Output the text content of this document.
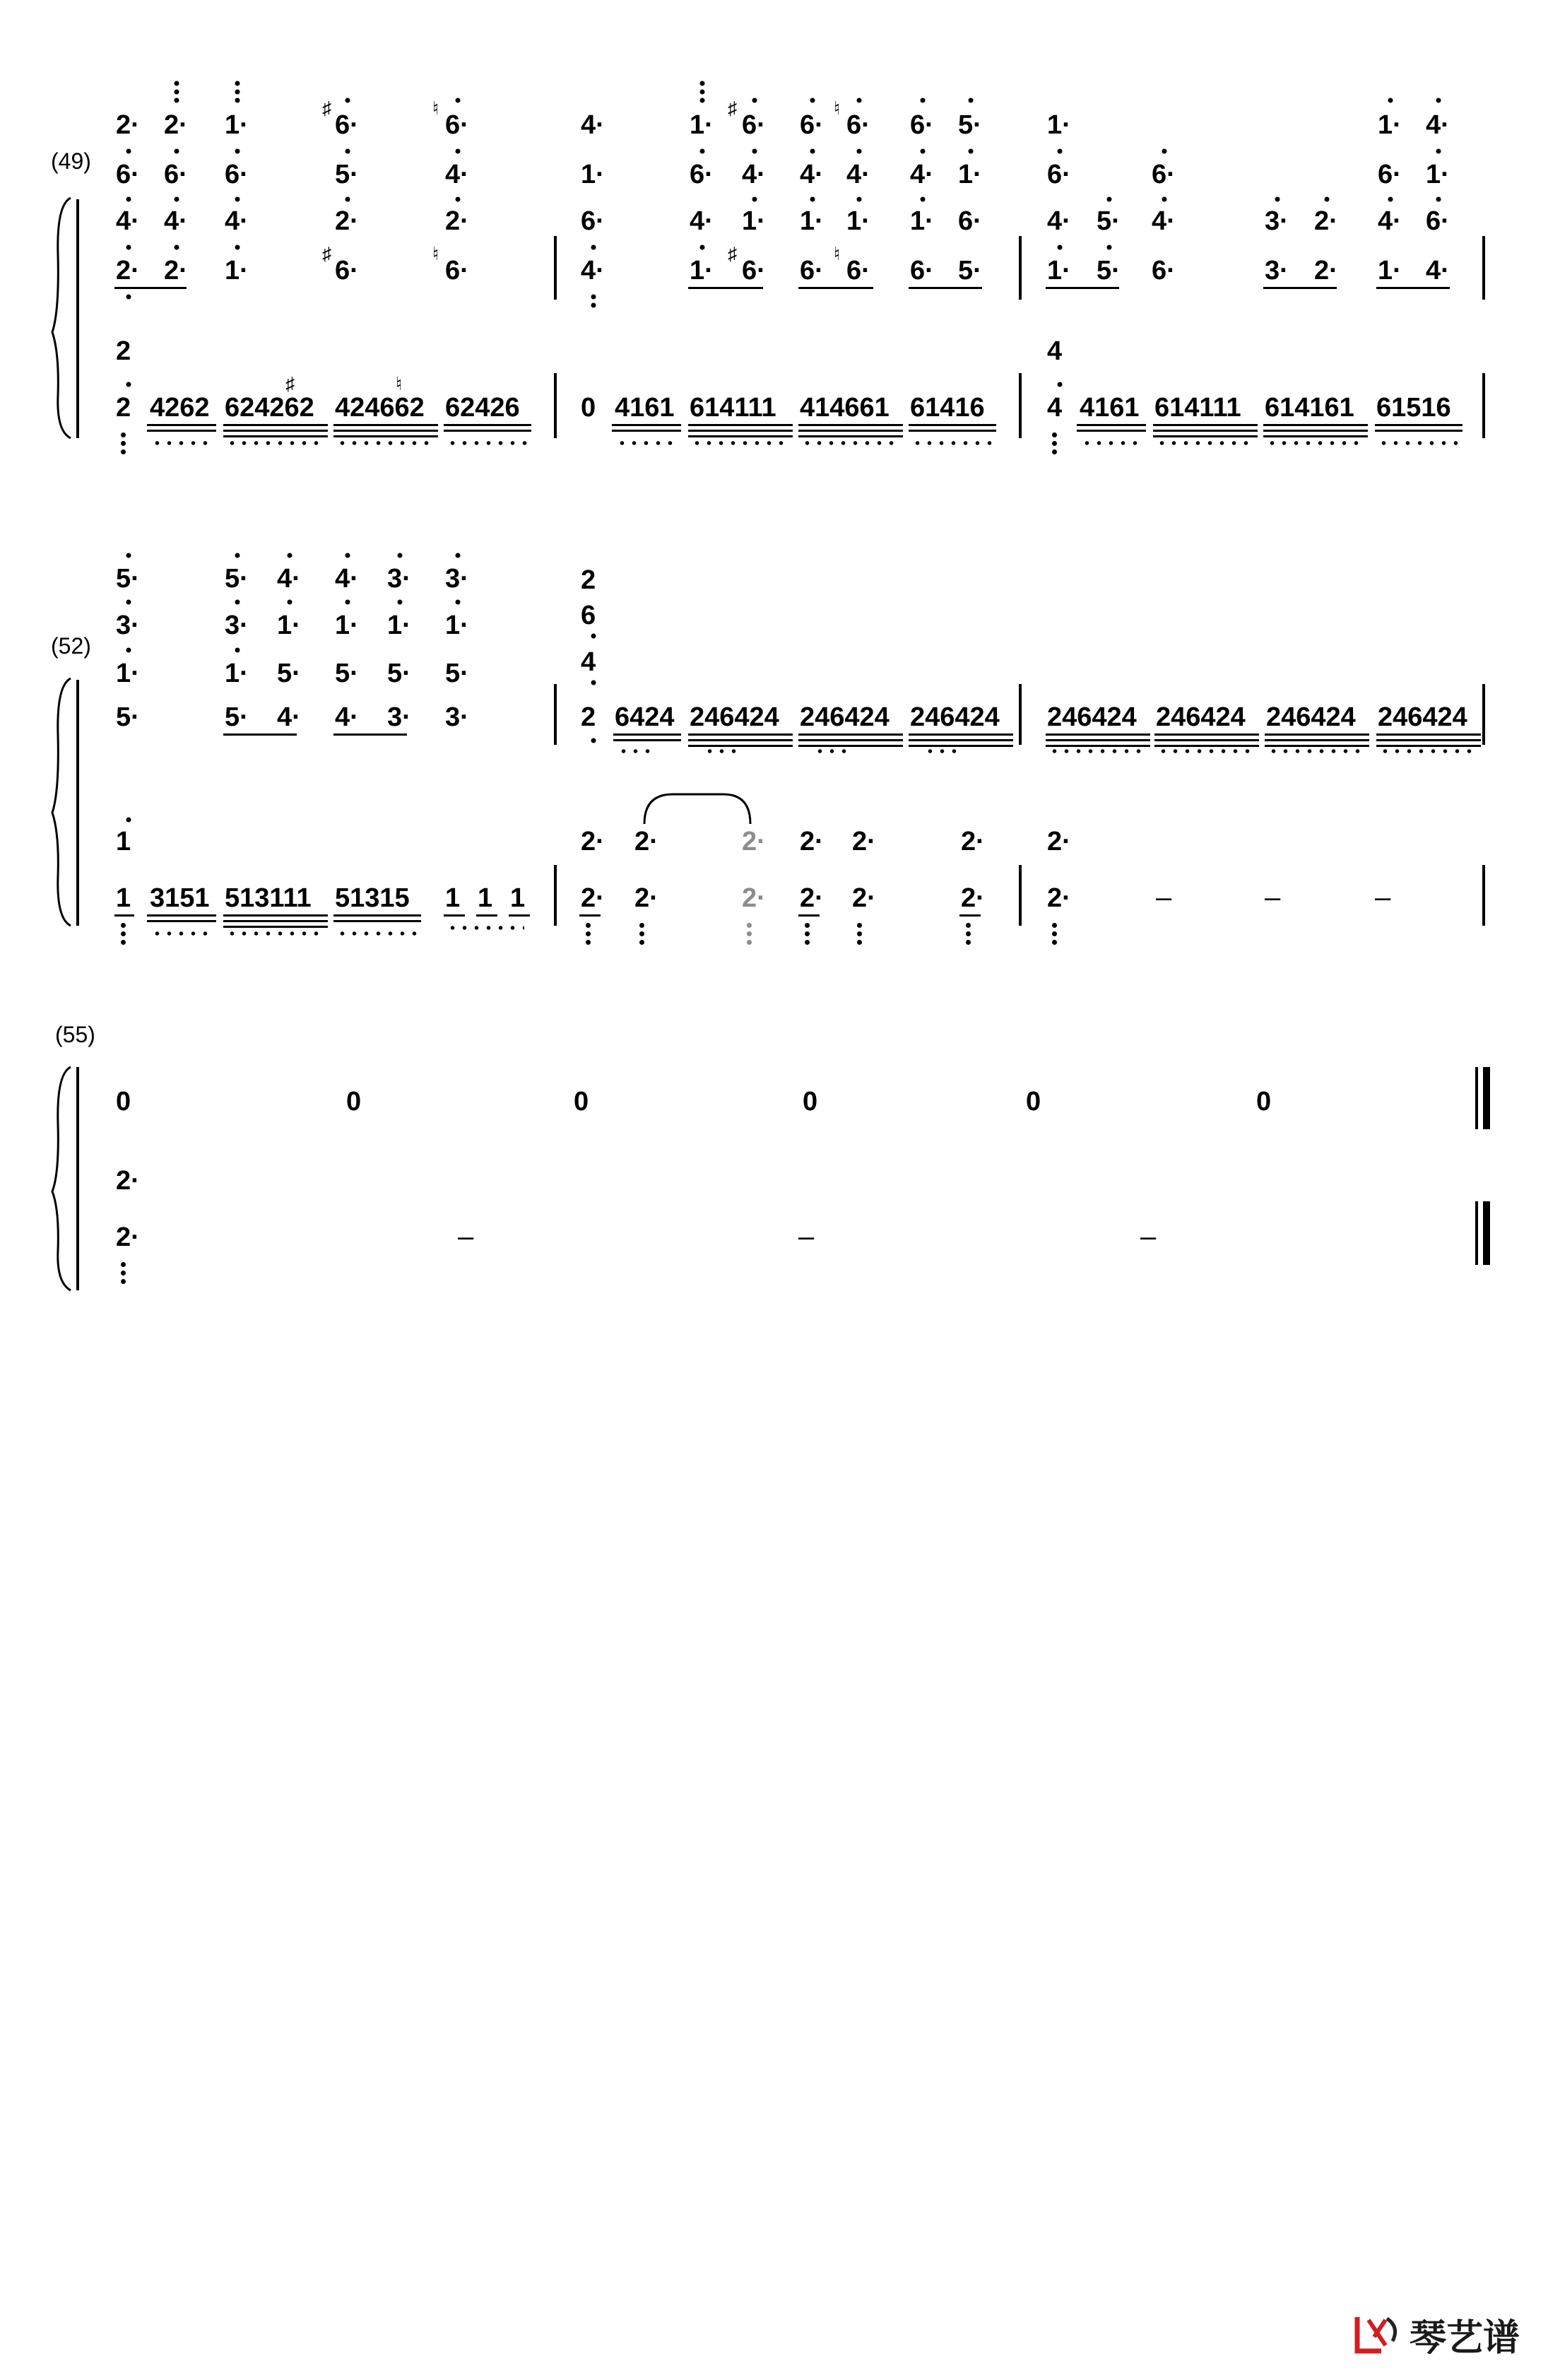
(49)
2· 2· 1·	6·	6·	4·	1· 6· 6· 6· 6· 5· 1·	1· 4·
♯	♮	♯	♮
6· 6· 6·	5·	4·	1·	6· 4· 4· 4· 4· 1· 6·	6·	6· 1·
4· 4· 4·	2·	2·	6·	4· 1· 1· 1· 1· 6· 4· 5· 4·	3· 2· 4· 6·
2· 2· 1·	6·	6·	4·	1· 6· 6· 6· 6· 5· 1· 5· 6·	3· 2· 1· 4·
♯	♮	♯	♮
2	4
2 4262 624262 424662 62426 0 4161 614111 414661 61416 4 4161 614111 614161 61516
♯	♮
(52)
5·	5· 4· 4· 3· 3·
3·	3· 1· 1· 1· 1·
1·	1· 5· 5· 5· 5·
5·	5· 4· 4· 3· 3·
2
6
4
2 6424 246424 246424 246424 246424 246424 246424 246424
1	2· 2·	2· 2· 2·	2· 2·
1 3151 513111 51315 1 1 1 2· 2·	2· 2· 2·	2· 2·	–	–	–
(55)
0	0	0	0	0	0
2·
2·	–	–	–
琴艺谱
